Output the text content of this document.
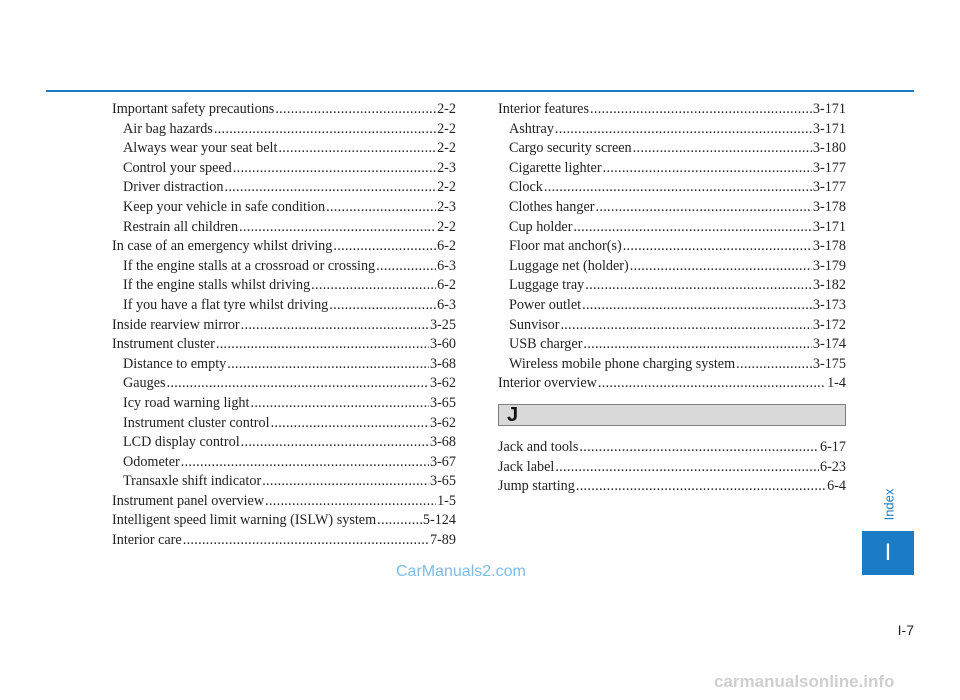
Important safety precautions .....	2-2
Air bag hazards .....	2-2
Always wear your seat belt .....	2-2
Control your speed .....	2-3
Driver distraction .....	2-2
Keep your vehicle in safe condition .....	2-3
Restrain all children .....	2-2
In case of an emergency whilst driving .....	6-2
If the engine stalls at a crossroad or crossing .....	6-3
If the engine stalls whilst driving .....	6-2
If you have a flat tyre whilst driving .....	6-3
Inside rearview mirror .....	3-25
Instrument cluster .....	3-60
Distance to empty .....	3-68
Gauges .....	3-62
Icy road warning light .....	3-65
Instrument cluster control .....	3-62
LCD display control .....	3-68
Odometer .....	3-67
Transaxle shift indicator .....	3-65
Instrument panel overview .....	1-5
Intelligent speed limit warning (ISLW) system .....	5-124
Interior care .....	7-89
Interior features .....	3-171
Ashtray .....	3-171
Cargo security screen .....	3-180
Cigarette lighter .....	3-177
Clock .....	3-177
Clothes hanger .....	3-178
Cup holder .....	3-171
Floor mat anchor(s) .....	3-178
Luggage net (holder) .....	3-179
Luggage tray .....	3-182
Power outlet .....	3-173
Sunvisor .....	3-172
USB charger .....	3-174
Wireless mobile phone charging system .....	3-175
Interior overview .....	1-4
J
Jack and tools .....	6-17
Jack label .....	6-23
Jump starting .....	6-4
Index
I
I-7
CarManuals2.com
carmanualsonline.info
